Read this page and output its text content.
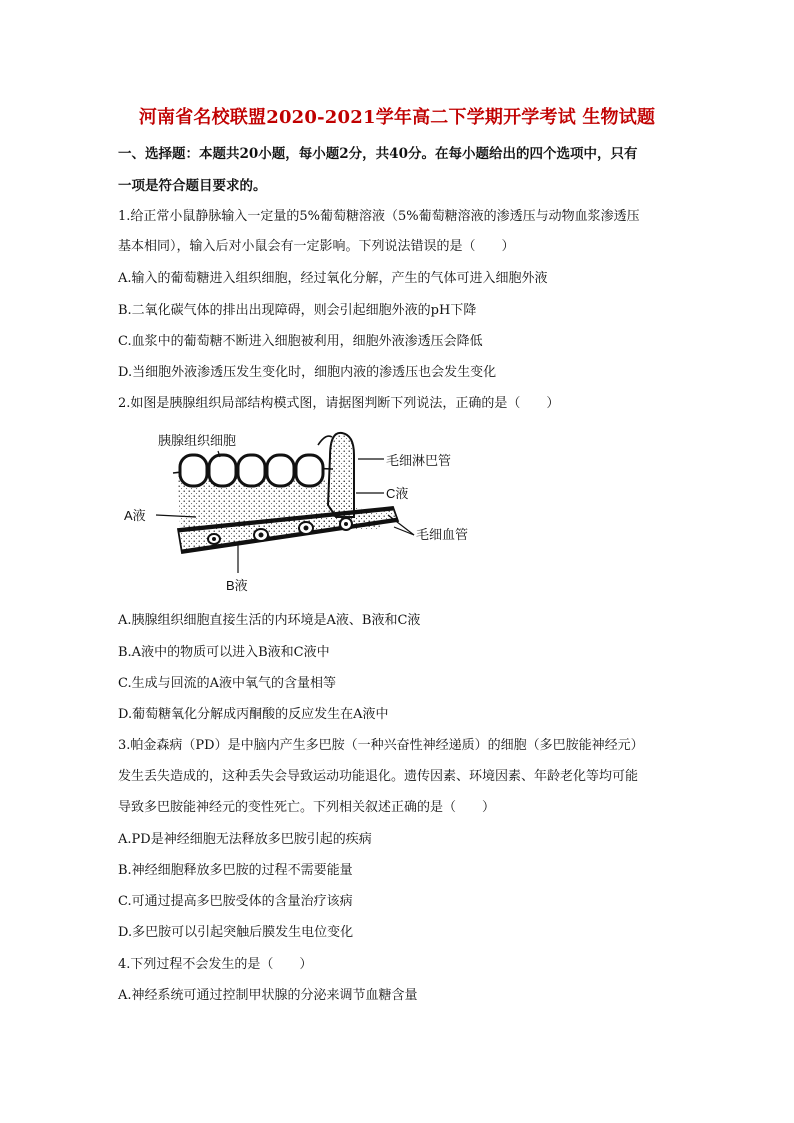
河南省名校联盟2020-2021学年高二下学期开学考试 生物试题
一、选择题：本题共20小题，每小题2分，共40分。在每小题给出的四个选项中，只有
一项是符合题目要求的。
1.给正常小鼠静脉输入一定量的5%葡萄糖溶液（5%葡萄糖溶液的渗透压与动物血浆渗透压
基本相同），输入后对小鼠会有一定影响。下列说法错误的是（　　）
A.输入的葡萄糖进入组织细胞，经过氧化分解，产生的气体可进入细胞外液
B.二氧化碳气体的排出出现障碍，则会引起细胞外液的pH下降
C.血浆中的葡萄糖不断进入细胞被利用，细胞外液渗透压会降低
D.当细胞外液渗透压发生变化时，细胞内液的渗透压也会发生变化
2.如图是胰腺组织局部结构模式图，请据图判断下列说法，正确的是（　　）
胰腺组织细胞
毛细淋巴管
C液
A液
毛细血管
B液
A.胰腺组织细胞直接生活的内环境是A液、B液和C液
B.A液中的物质可以进入B液和C液中
C.生成与回流的A液中氧气的含量相等
D.葡萄糖氧化分解成丙酮酸的反应发生在A液中
3.帕金森病（PD）是中脑内产生多巴胺（一种兴奋性神经递质）的细胞（多巴胺能神经元）
发生丢失造成的，这种丢失会导致运动功能退化。遗传因素、环境因素、年龄老化等均可能
导致多巴胺能神经元的变性死亡。下列相关叙述正确的是（　　）
A.PD是神经细胞无法释放多巴胺引起的疾病
B.神经细胞释放多巴胺的过程不需要能量
C.可通过提高多巴胺受体的含量治疗该病
D.多巴胺可以引起突触后膜发生电位变化
4.下列过程不会发生的是（　　）
A.神经系统可通过控制甲状腺的分泌来调节血糖含量
